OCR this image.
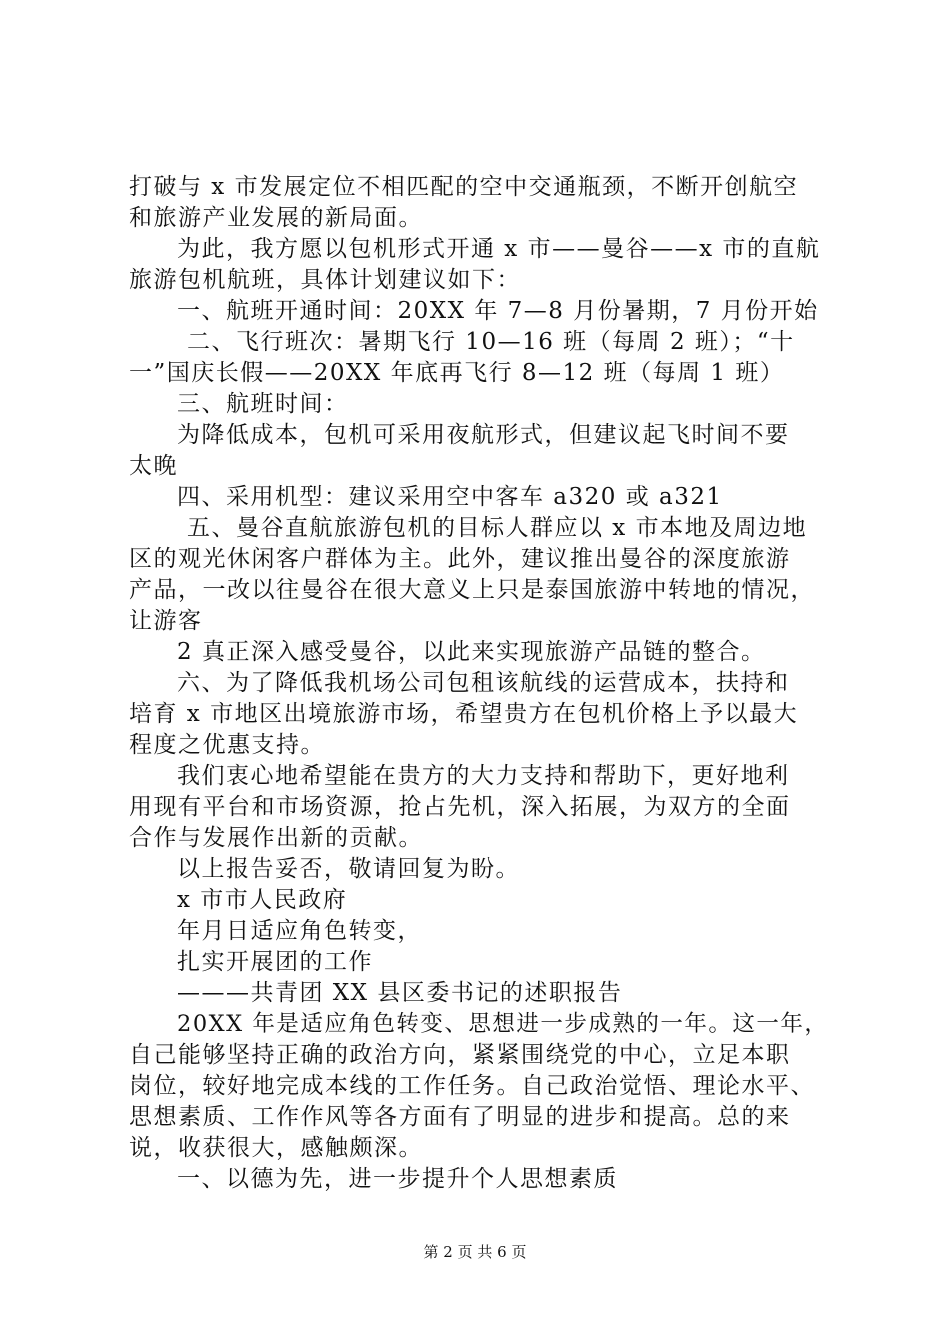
打破与 x 市发展定位不相匹配的空中交通瓶颈，不断开创航空
和旅游产业发展的新局面。
为此，我方愿以包机形式开通 x 市——曼谷——x 市的直航
旅游包机航班，具体计划建议如下：
一、航班开通时间：20XX 年 7—8 月份暑期，7 月份开始
二、飞行班次：暑期飞行 10—16 班（每周 2 班）；“十
一”国庆长假——20XX 年底再飞行 8—12 班（每周 1 班）
三、航班时间：
为降低成本，包机可采用夜航形式，但建议起飞时间不要
太晚
四、采用机型：建议采用空中客车 a320 或 a321
五、曼谷直航旅游包机的目标人群应以 x 市本地及周边地
区的观光休闲客户群体为主。此外，建议推出曼谷的深度旅游
产品，一改以往曼谷在很大意义上只是泰国旅游中转地的情况，
让游客
2 真正深入感受曼谷，以此来实现旅游产品链的整合。
六、为了降低我机场公司包租该航线的运营成本，扶持和
培育 x 市地区出境旅游市场，希望贵方在包机价格上予以最大
程度之优惠支持。
我们衷心地希望能在贵方的大力支持和帮助下，更好地利
用现有平台和市场资源，抢占先机，深入拓展，为双方的全面
合作与发展作出新的贡献。
以上报告妥否，敬请回复为盼。
x 市市人民政府
年月日适应角色转变，
扎实开展团的工作
———共青团 XX 县区委书记的述职报告
20XX 年是适应角色转变、思想进一步成熟的一年。这一年，
自己能够坚持正确的政治方向，紧紧围绕党的中心，立足本职
岗位，较好地完成本线的工作任务。自己政治觉悟、理论水平、
思想素质、工作作风等各方面有了明显的进步和提高。总的来
说，收获很大，感触颇深。
一、以德为先，进一步提升个人思想素质
第 2 页 共 6 页
